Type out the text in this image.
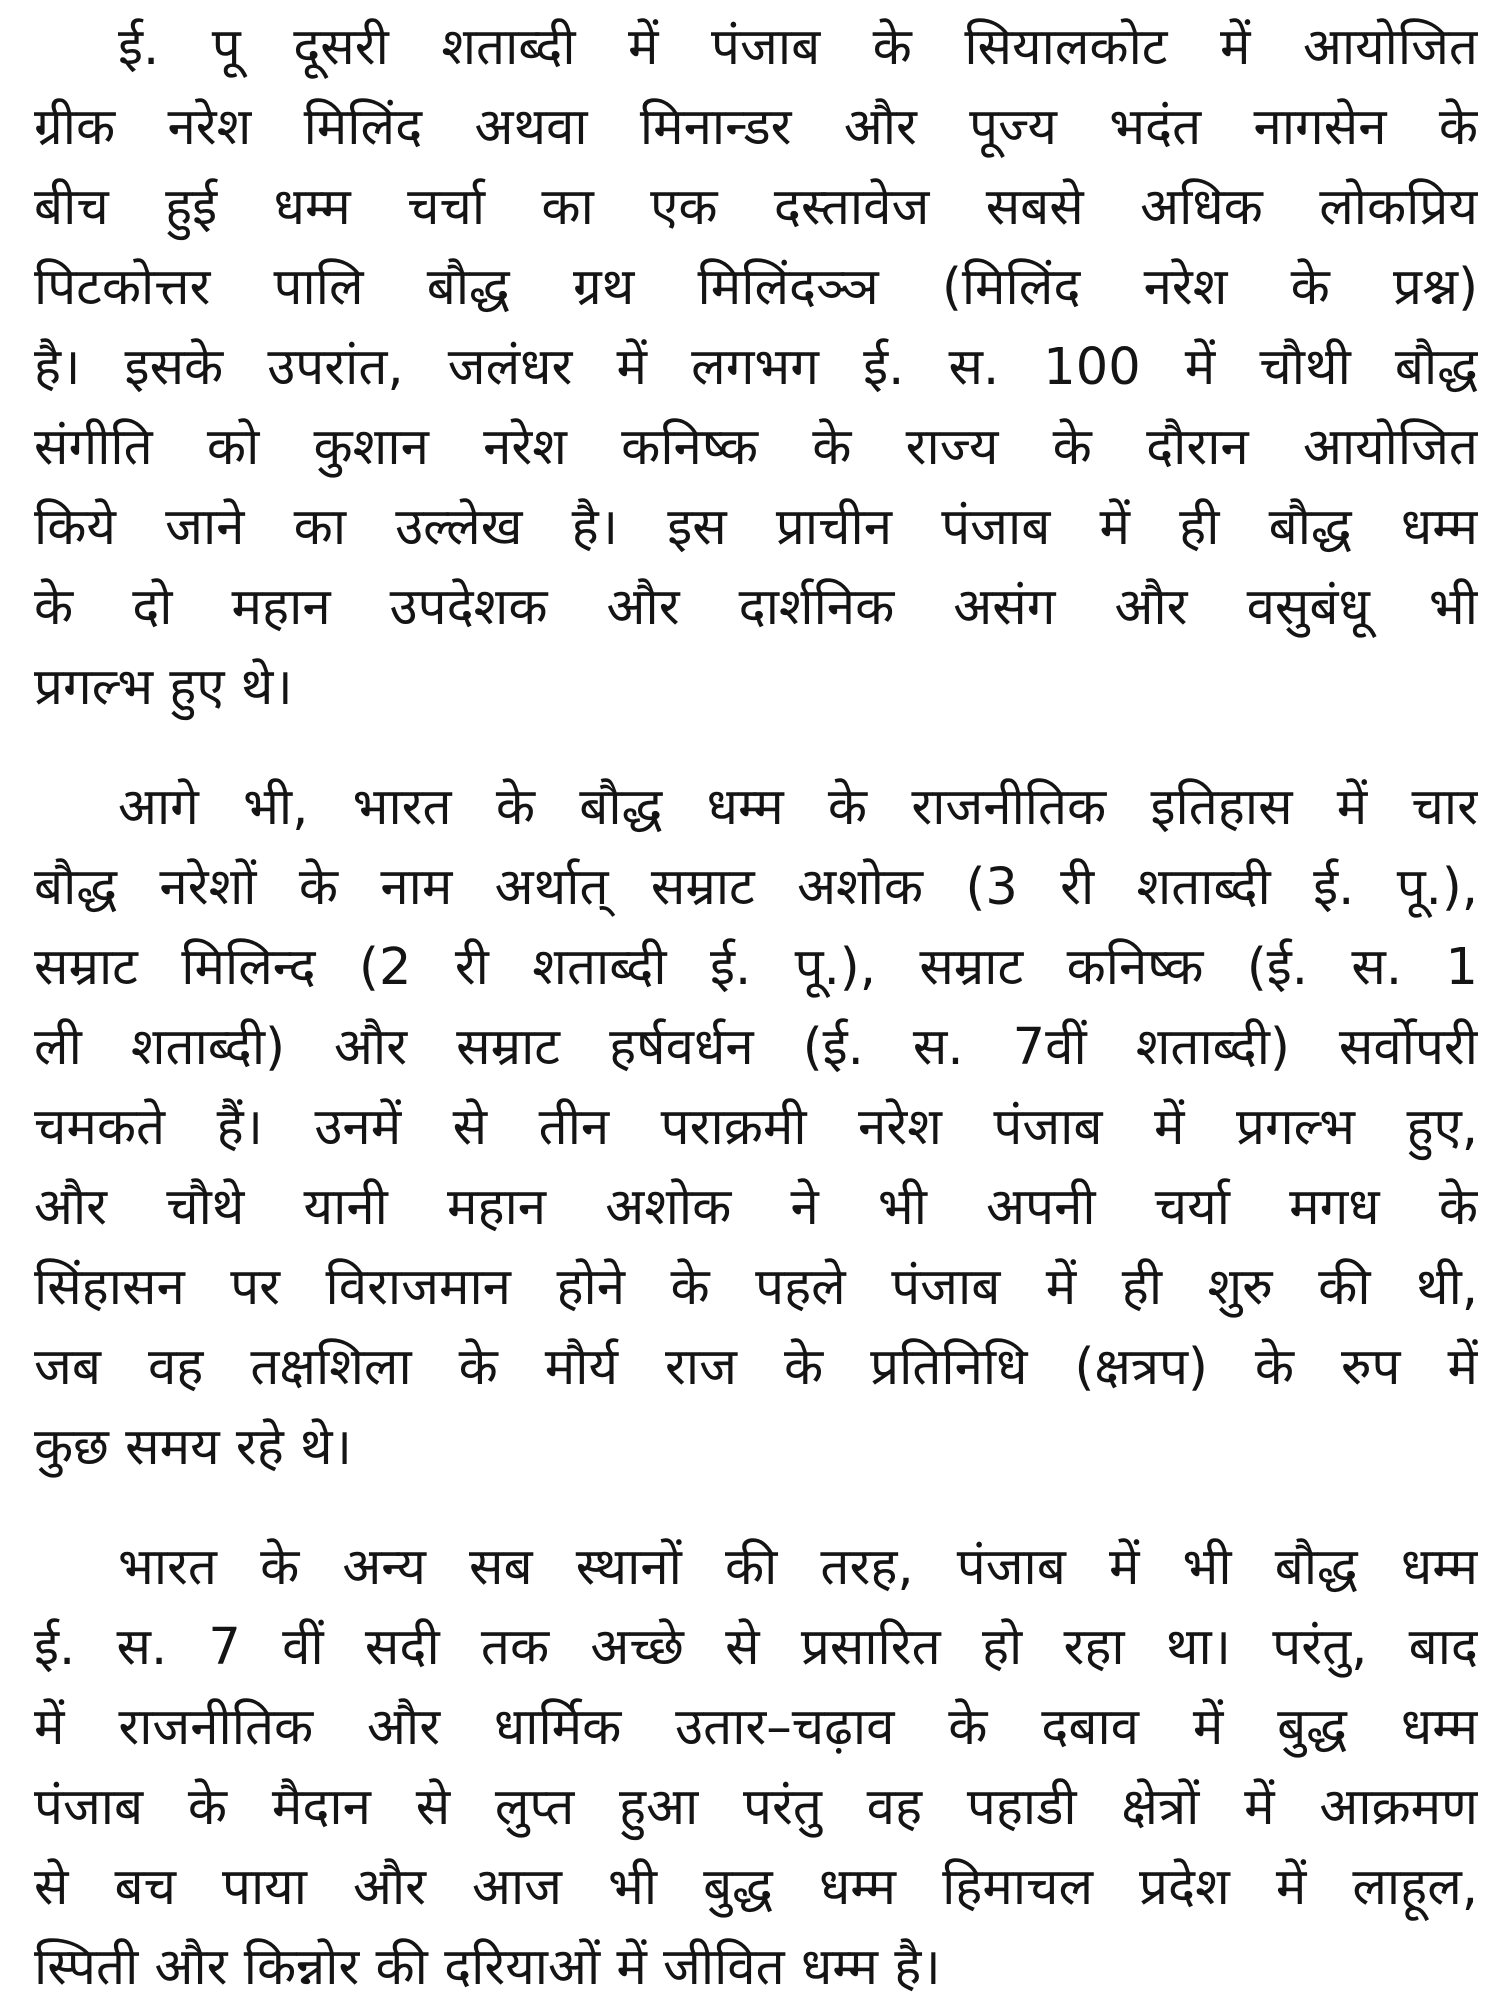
ई. पू दूसरी शताब्दी में पंजाब के सियालकोट में आयोजित
ग्रीक नरेश मिलिंद अथवा मिनान्डर और पूज्य भदंत नागसेन के
बीच हुई धम्म चर्चा का एक दस्तावेज सबसे अधिक लोकप्रिय
पिटकोत्तर पालि बौद्ध ग्रथ मिलिंदञ्ञ (मिलिंद नरेश के प्रश्न)
है। इसके उपरांत, जलंधर में लगभग ई. स. 100 में चौथी बौद्ध
संगीति को कुशान नरेश कनिष्क के राज्य के दौरान आयोजित
किये जाने का उल्लेख है। इस प्राचीन पंजाब में ही बौद्ध धम्म
के दो महान उपदेशक और दार्शनिक असंग और वसुबंधू भी
प्रगल्भ हुए थे।
आगे भी, भारत के बौद्ध धम्म के राजनीतिक इतिहास में चार
बौद्ध नरेशों के नाम अर्थात् सम्राट अशोक (3 री शताब्दी ई. पू.),
सम्राट मिलिन्द (2 री शताब्दी ई. पू.), सम्राट कनिष्क (ई. स. 1
ली शताब्दी) और सम्राट हर्षवर्धन (ई. स. 7वीं शताब्दी) सर्वोपरी
चमकते हैं। उनमें से तीन पराक्रमी नरेश पंजाब में प्रगल्भ हुए,
और चौथे यानी महान अशोक ने भी अपनी चर्या मगध के
सिंहासन पर विराजमान होने के पहले पंजाब में ही शुरु की थी,
जब वह तक्षशिला के मौर्य राज के प्रतिनिधि (क्षत्रप) के रुप में
कुछ समय रहे थे।
भारत के अन्य सब स्थानों की तरह, पंजाब में भी बौद्ध धम्म
ई. स. 7 वीं सदी तक अच्छे से प्रसारित हो रहा था। परंतु, बाद
में राजनीतिक और धार्मिक उतार–चढ़ाव के दबाव में बुद्ध धम्म
पंजाब के मैदान से लुप्त हुआ परंतु वह पहाडी क्षेत्रों में आक्रमण
से बच पाया और आज भी बुद्ध धम्म हिमाचल प्रदेश में लाहूल,
स्पिती और किन्नोर की दरियाओं में जीवित धम्म है।
